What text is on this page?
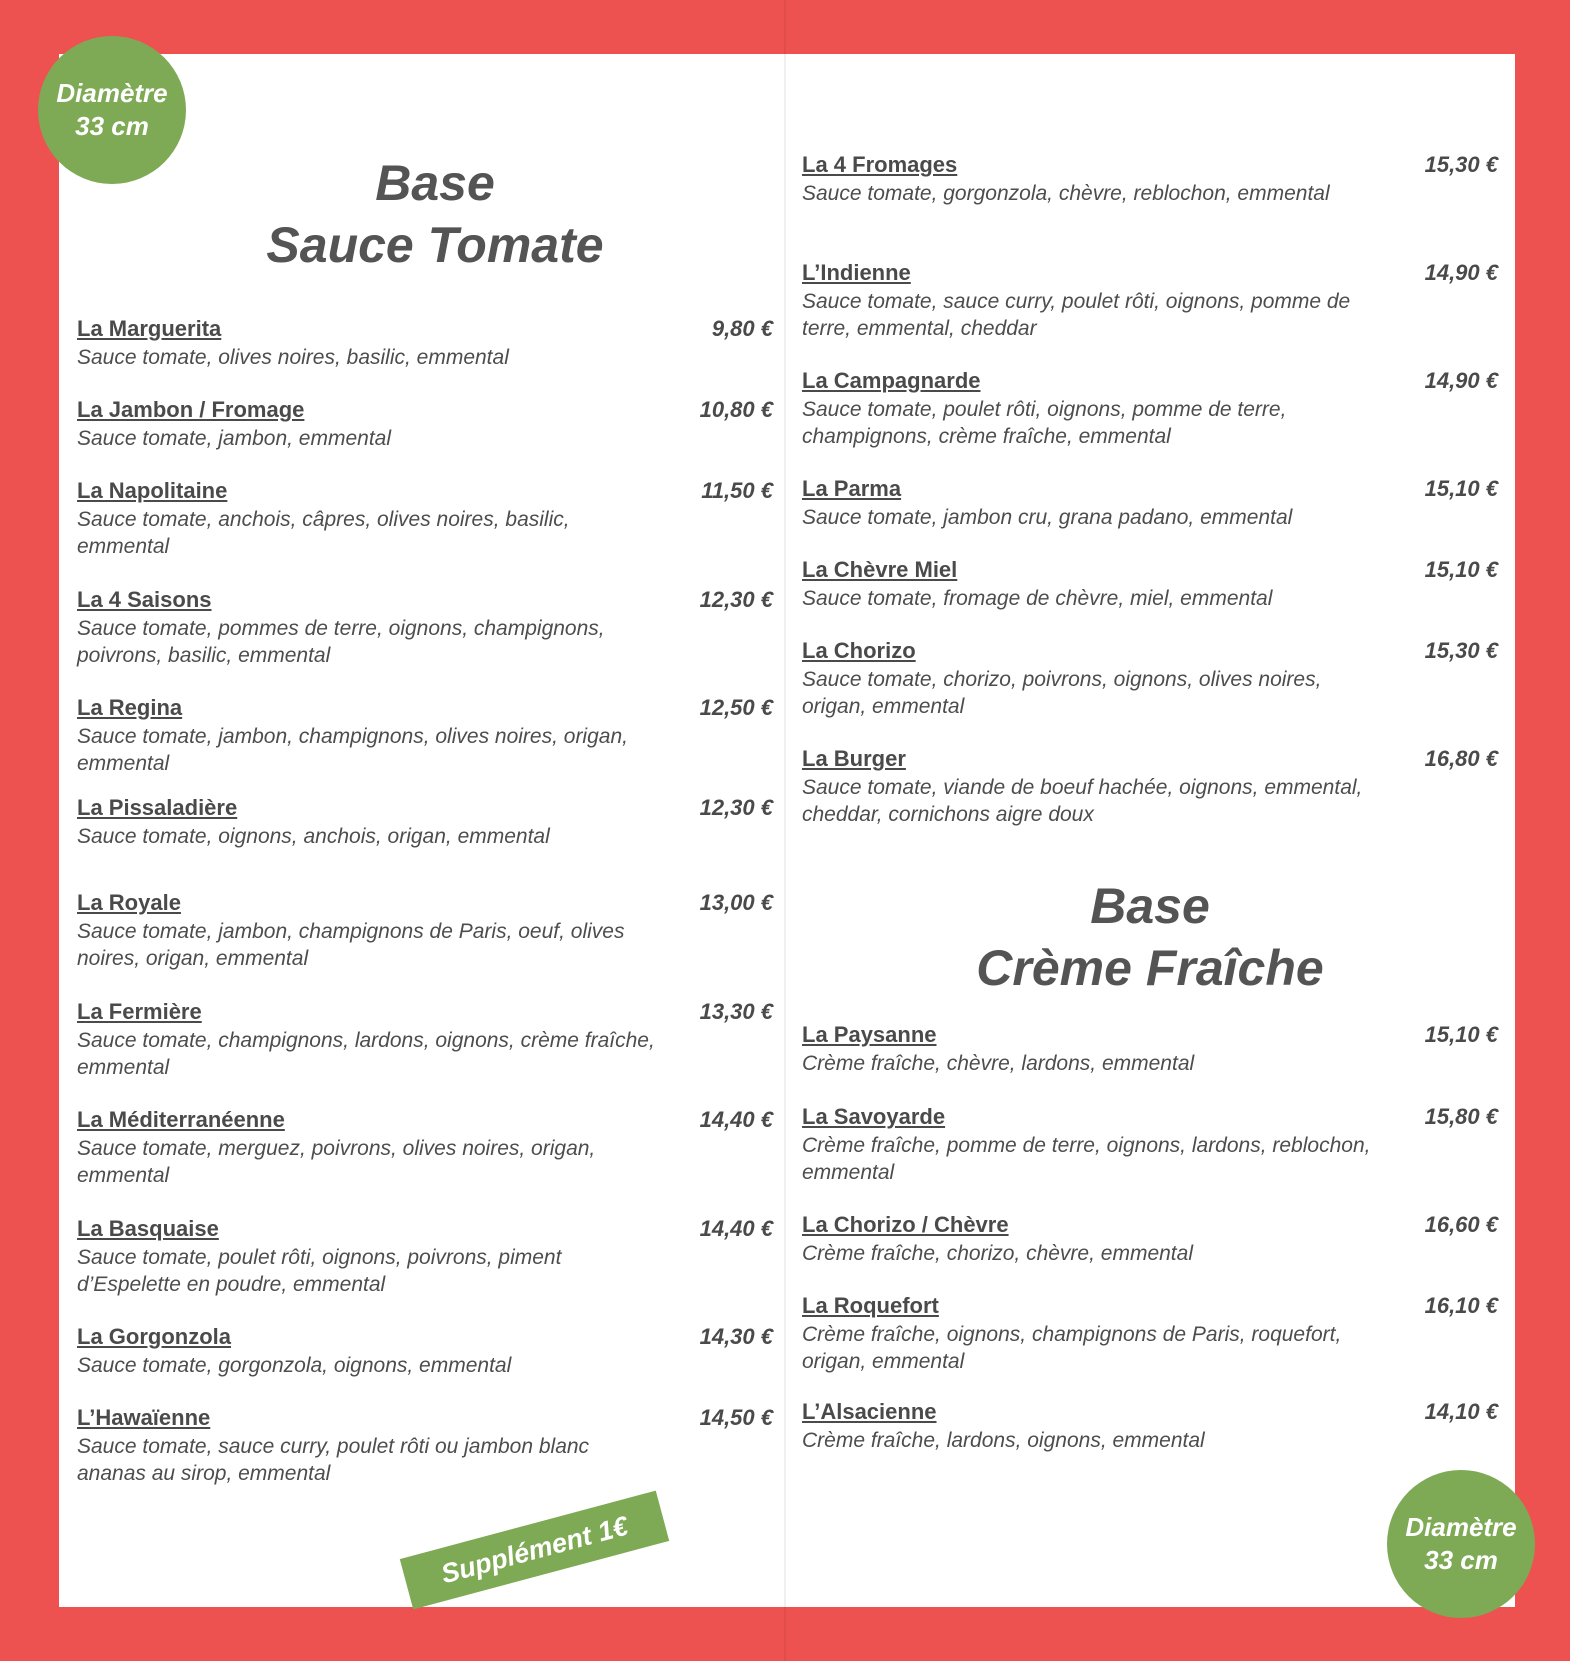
Diamètre
33 cm
Base
Sauce Tomate
La Marguerita	9,80 €
Sauce tomate, olives noires, basilic, emmental
La Jambon / Fromage	10,80 €
Sauce tomate, jambon, emmental
La Napolitaine	11,50 €
Sauce tomate, anchois, câpres, olives noires, basilic, emmental
La 4 Saisons	12,30 €
Sauce tomate, pommes de terre, oignons, champignons, poivrons, basilic, emmental
La Regina	12,50 €
Sauce tomate, jambon, champignons, olives noires, origan, emmental
La Pissaladière	12,30 €
Sauce tomate, oignons, anchois, origan, emmental
La Royale	13,00 €
Sauce tomate, jambon, champignons de Paris, oeuf, olives noires, origan, emmental
La Fermière	13,30 €
Sauce tomate, champignons, lardons, oignons, crème fraîche, emmental
La Méditerranéenne	14,40 €
Sauce tomate, merguez, poivrons, olives noires, origan, emmental
La Basquaise	14,40 €
Sauce tomate, poulet rôti, oignons, poivrons, piment d’Espelette en poudre, emmental
La Gorgonzola	14,30 €
Sauce tomate, gorgonzola, oignons, emmental
L’Hawaïenne	14,50 €
Sauce tomate, sauce curry, poulet rôti ou jambon blanc ananas au sirop, emmental
La 4 Fromages	15,30 €
Sauce tomate, gorgonzola, chèvre, reblochon, emmental
L’Indienne	14,90 €
Sauce tomate, sauce curry, poulet rôti, oignons, pomme de terre, emmental, cheddar
La Campagnarde	14,90 €
Sauce tomate, poulet rôti, oignons, pomme de terre, champignons, crème fraîche, emmental
La Parma	15,10 €
Sauce tomate, jambon cru, grana padano, emmental
La Chèvre Miel	15,10 €
Sauce tomate, fromage de chèvre, miel, emmental
La Chorizo	15,30 €
Sauce tomate, chorizo, poivrons, oignons, olives noires, origan, emmental
La Burger	16,80 €
Sauce tomate, viande de boeuf hachée, oignons, emmental, cheddar, cornichons aigre doux
La Paysanne	15,10 €
Crème fraîche, chèvre, lardons, emmental
La Savoyarde	15,80 €
Crème fraîche, pomme de terre, oignons, lardons, reblochon, emmental
La Chorizo / Chèvre	16,60 €
Crème fraîche, chorizo, chèvre, emmental
La Roquefort	16,10 €
Crème fraîche, oignons, champignons de Paris, roquefort, origan, emmental
L’Alsacienne	14,10 €
Crème fraîche, lardons, oignons, emmental
Base
Crème Fraîche
Supplément 1€	Diamètre
33 cm
